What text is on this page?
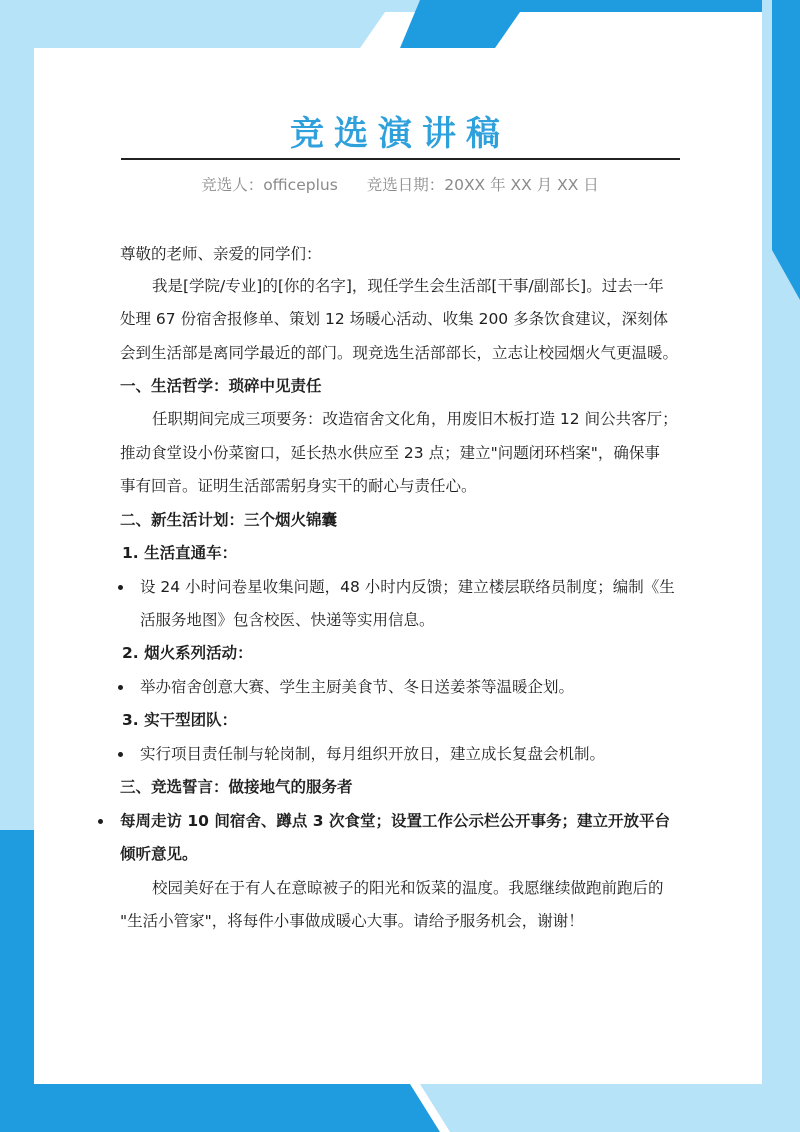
竞选演讲稿
竞选人：officeplus 竞选日期：20XX 年 XX 月 XX 日
尊敬的老师、亲爱的同学们：
我是[学院/专业]的[你的名字]，现任学生会生活部[干事/副部长]。过去一年
处理 67 份宿舍报修单、策划 12 场暖心活动、收集 200 多条饮食建议，深刻体
会到生活部是离同学最近的部门。现竞选生活部部长，立志让校园烟火气更温暖。
一、生活哲学：琐碎中见责任
任职期间完成三项要务：改造宿舍文化角，用废旧木板打造 12 间公共客厅；
推动食堂设小份菜窗口，延长热水供应至 23 点；建立"问题闭环档案"，确保事
事有回音。证明生活部需躬身实干的耐心与责任心。
二、新生活计划：三个烟火锦囊
1. 生活直通车：
设 24 小时问卷星收集问题，48 小时内反馈；建立楼层联络员制度；编制《生
活服务地图》包含校医、快递等实用信息。
2. 烟火系列活动：
举办宿舍创意大赛、学生主厨美食节、冬日送姜茶等温暖企划。
3. 实干型团队：
实行项目责任制与轮岗制，每月组织开放日，建立成长复盘会机制。
三、竞选誓言：做接地气的服务者
每周走访 10 间宿舍、蹲点 3 次食堂；设置工作公示栏公开事务；建立开放平台
倾听意见。
校园美好在于有人在意晾被子的阳光和饭菜的温度。我愿继续做跑前跑后的
"生活小管家"，将每件小事做成暖心大事。请给予服务机会，谢谢！
